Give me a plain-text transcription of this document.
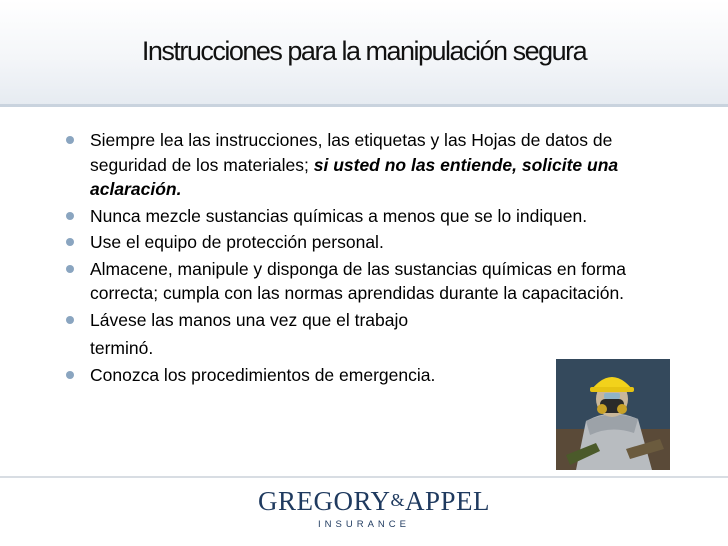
Instrucciones para la manipulación segura
Siempre lea las instrucciones, las etiquetas y las Hojas de datos de seguridad de los materiales; si usted no las entiende, solicite una aclaración.
Nunca mezcle sustancias químicas a menos que se lo indiquen.
Use el equipo de protección personal.
Almacene, manipule y disponga de las sustancias químicas en forma correcta; cumpla con las normas aprendidas durante la capacitación.
Lávese las manos una vez que el trabajo
terminó.
Conozca los procedimientos de emergencia.
GREGORY&APPEL
INSURANCE
